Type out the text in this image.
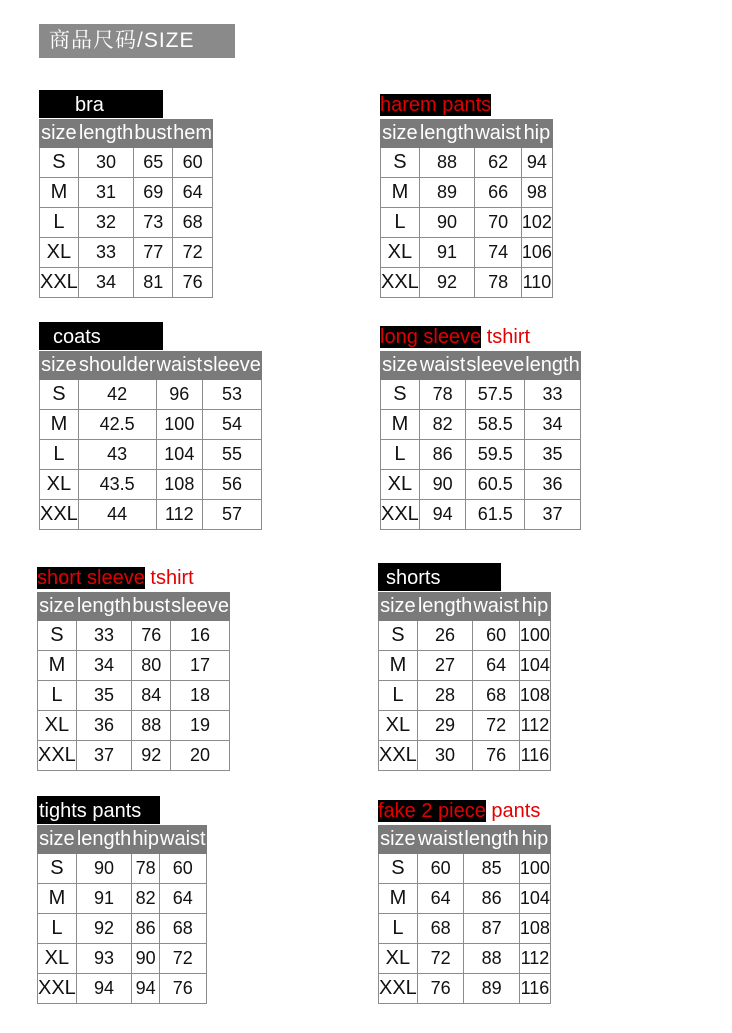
商品尺码/SIZE
bra
size	length	bust	hem
S	30	65	60
M	31	69	64
L	32	73	68
XL	33	77	72
XXL	34	81	76
harem pants
size	length	waist	hip
S	88	62	94
M	89	66	98
L	90	70	102
XL	91	74	106
XXL	92	78	110
coats
size	shoulder	waist	sleeve
S	42	96	53
M	42.5	100	54
L	43	104	55
XL	43.5	108	56
XXL	44	112	57
long sleeve tshirt
size	waist	sleeve	length
S	78	57.5	33
M	82	58.5	34
L	86	59.5	35
XL	90	60.5	36
XXL	94	61.5	37
short sleeve tshirt
size	length	bust	sleeve
S	33	76	16
M	34	80	17
L	35	84	18
XL	36	88	19
XXL	37	92	20
shorts
size	length	waist	hip
S	26	60	100
M	27	64	104
L	28	68	108
XL	29	72	112
XXL	30	76	116
tights pants
size	length	hip	waist
S	90	78	60
M	91	82	64
L	92	86	68
XL	93	90	72
XXL	94	94	76
fake 2 piece pants
size	waist	length	hip
S	60	85	100
M	64	86	104
L	68	87	108
XL	72	88	112
XXL	76	89	116
